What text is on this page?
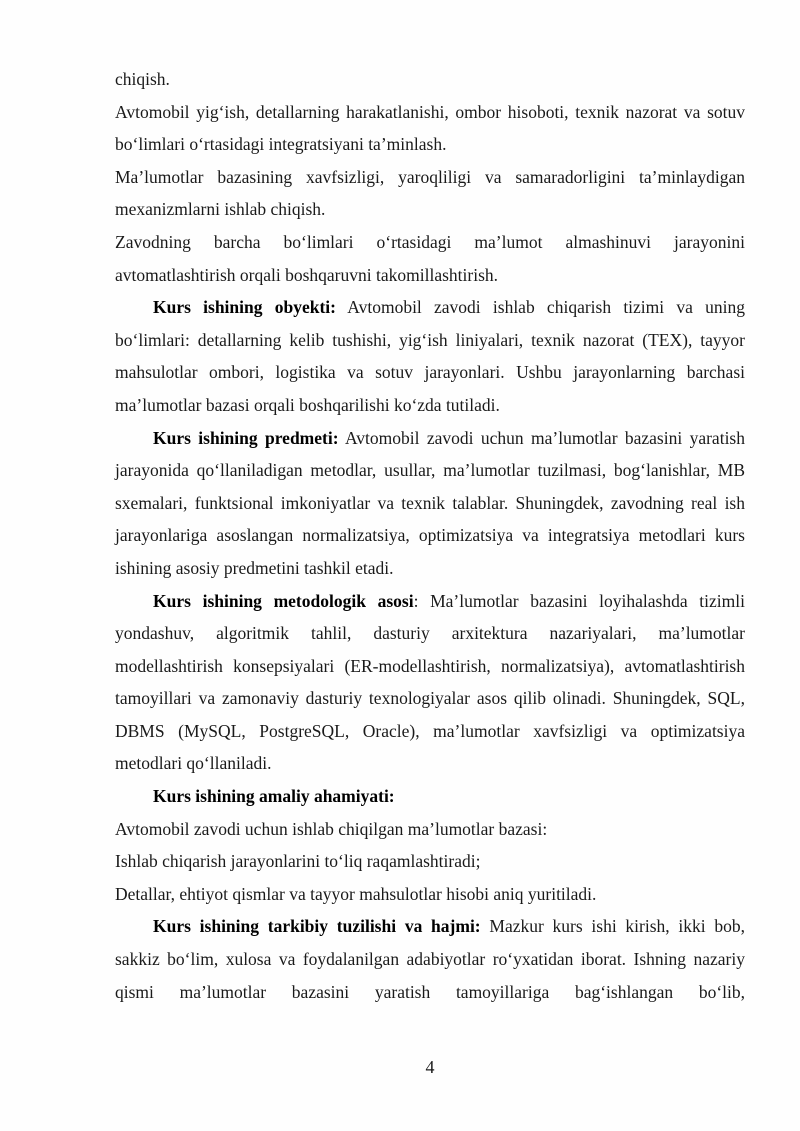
chiqish.

Avtomobil yig‘ish, detallarning harakatlanishi, ombor hisoboti, texnik nazorat va sotuv bo‘limlari o‘rtasidagi integratsiyani ta’minlash.

Ma’lumotlar bazasining xavfsizligi, yaroqliligi va samaradorligini ta’minlaydigan mexanizmlarni ishlab chiqish.

Zavodning barcha bo‘limlari o‘rtasidagi ma’lumot almashinuvi jarayonini avtomatlashtirish orqali boshqaruvni takomillashtirish.

Kurs ishining obyekti: Avtomobil zavodi ishlab chiqarish tizimi va uning bo‘limlari: detallarning kelib tushishi, yig‘ish liniyalari, texnik nazorat (TEX), tayyor mahsulotlar ombori, logistika va sotuv jarayonlari. Ushbu jarayonlarning barchasi ma’lumotlar bazasi orqali boshqarilishi ko‘zda tutiladi.

Kurs ishining predmeti: Avtomobil zavodi uchun ma’lumotlar bazasini yaratish jarayonida qo‘llaniladigan metodlar, usullar, ma’lumotlar tuzilmasi, bog‘lanishlar, MB sxemalari, funktsional imkoniyatlar va texnik talablar. Shuningdek, zavodning real ish jarayonlariga asoslangan normalizatsiya, optimizatsiya va integratsiya metodlari kurs ishining asosiy predmetini tashkil etadi.

Kurs ishining metodologik asosi: Ma’lumotlar bazasini loyihalashda tizimli yondashuv, algoritmik tahlil, dasturiy arxitektura nazariyalari, ma’lumotlar modellashtirish konsepsiyalari (ER-modellashtirish, normalizatsiya), avtomatlashtirish tamoyillari va zamonaviy dasturiy texnologiyalar asos qilib olinadi. Shuningdek, SQL, DBMS (MySQL, PostgreSQL, Oracle), ma’lumotlar xavfsizligi va optimizatsiya metodlari qo‘llaniladi.

Kurs ishining amaliy ahamiyati:

Avtomobil zavodi uchun ishlab chiqilgan ma’lumotlar bazasi:

Ishlab chiqarish jarayonlarini to‘liq raqamlashtiradi;

Detallar, ehtiyot qismlar va tayyor mahsulotlar hisobi aniq yuritiladi.

Kurs ishining tarkibiy tuzilishi va hajmi: Mazkur kurs ishi kirish, ikki bob, sakkiz bo‘lim, xulosa va foydalanilgan adabiyotlar ro‘yxatidan iborat. Ishning nazariy qismi ma’lumotlar bazasini yaratish tamoyillariga bag‘ishlangan bo‘lib,

4
